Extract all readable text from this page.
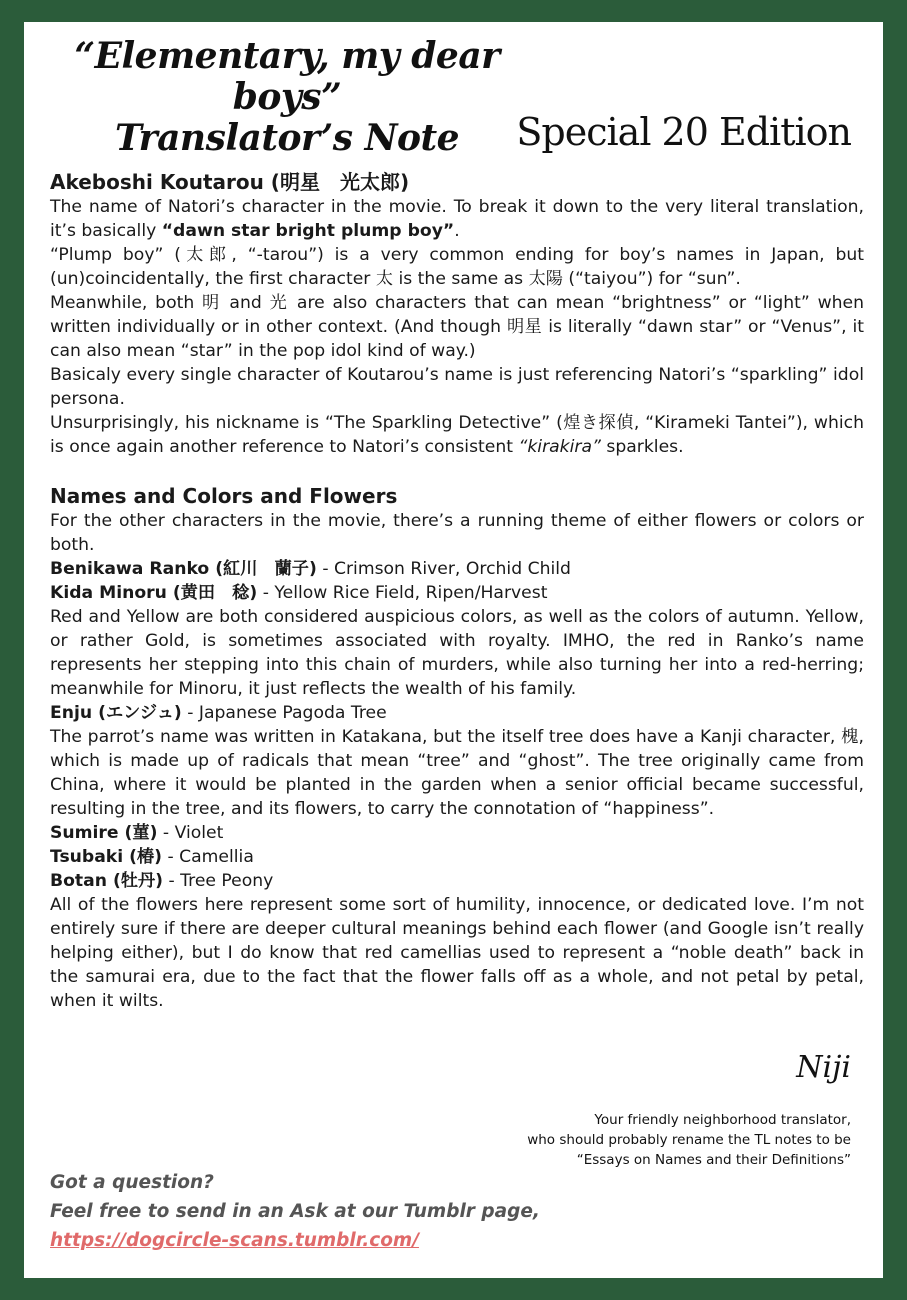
“Elementary, my dear boys”
Translator’s Note	Special 20 Edition
Akeboshi Koutarou (明星　光太郎)

The name of Natori’s character in the movie. To break it down to the very literal translation, it’s basically “dawn star bright plump boy”.

“Plump boy” (太郎, “-tarou”) is a very common ending for boy’s names in Japan, but (un)coincidentally, the first character 太 is the same as 太陽 (“taiyou”) for “sun”.

Meanwhile, both 明 and 光 are also characters that can mean “brightness” or “light” when written individually or in other context. (And though 明星 is literally “dawn star” or “Venus”, it can also mean “star” in the pop idol kind of way.)

Basicaly every single character of Koutarou’s name is just referencing Natori’s “sparkling” idol persona.

Unsurprisingly, his nickname is “The Sparkling Detective” (煌き探偵, “Kirameki Tantei”), which is once again another reference to Natori’s consistent “kirakira” sparkles.

Names and Colors and Flowers

For the other characters in the movie, there’s a running theme of either flowers or colors or both.

Benikawa Ranko (紅川　蘭子) - Crimson River, Orchid Child

Kida Minoru (黄田　稔) - Yellow Rice Field, Ripen/Harvest

Red and Yellow are both considered auspicious colors, as well as the colors of autumn. Yellow, or rather Gold, is sometimes associated with royalty. IMHO, the red in Ranko’s name represents her stepping into this chain of murders, while also turning her into a red-herring; meanwhile for Minoru, it just reflects the wealth of his family.

Enju (エンジュ) - Japanese Pagoda Tree

The parrot’s name was written in Katakana, but the itself tree does have a Kanji character, 槐, which is made up of radicals that mean “tree” and “ghost”. The tree originally came from China, where it would be planted in the garden when a senior official became successful, resulting in the tree, and its flowers, to carry the connotation of “happiness”.

Sumire (菫) - Violet

Tsubaki (椿) - Camellia

Botan (牡丹) - Tree Peony

All of the flowers here represent some sort of humility, innocence, or dedicated love. I’m not entirely sure if there are deeper cultural meanings behind each flower (and Google isn’t really helping either), but I do know that red camellias used to represent a “noble death” back in the samurai era, due to the fact that the flower falls off as a whole, and not petal by petal, when it wilts.

Niji
Your friendly neighborhood translator,
who should probably rename the TL notes to be
“Essays on Names and their Definitions”
Got a question?
Feel free to send in an Ask at our Tumblr page,
https://dogcircle-scans.tumblr.com/
